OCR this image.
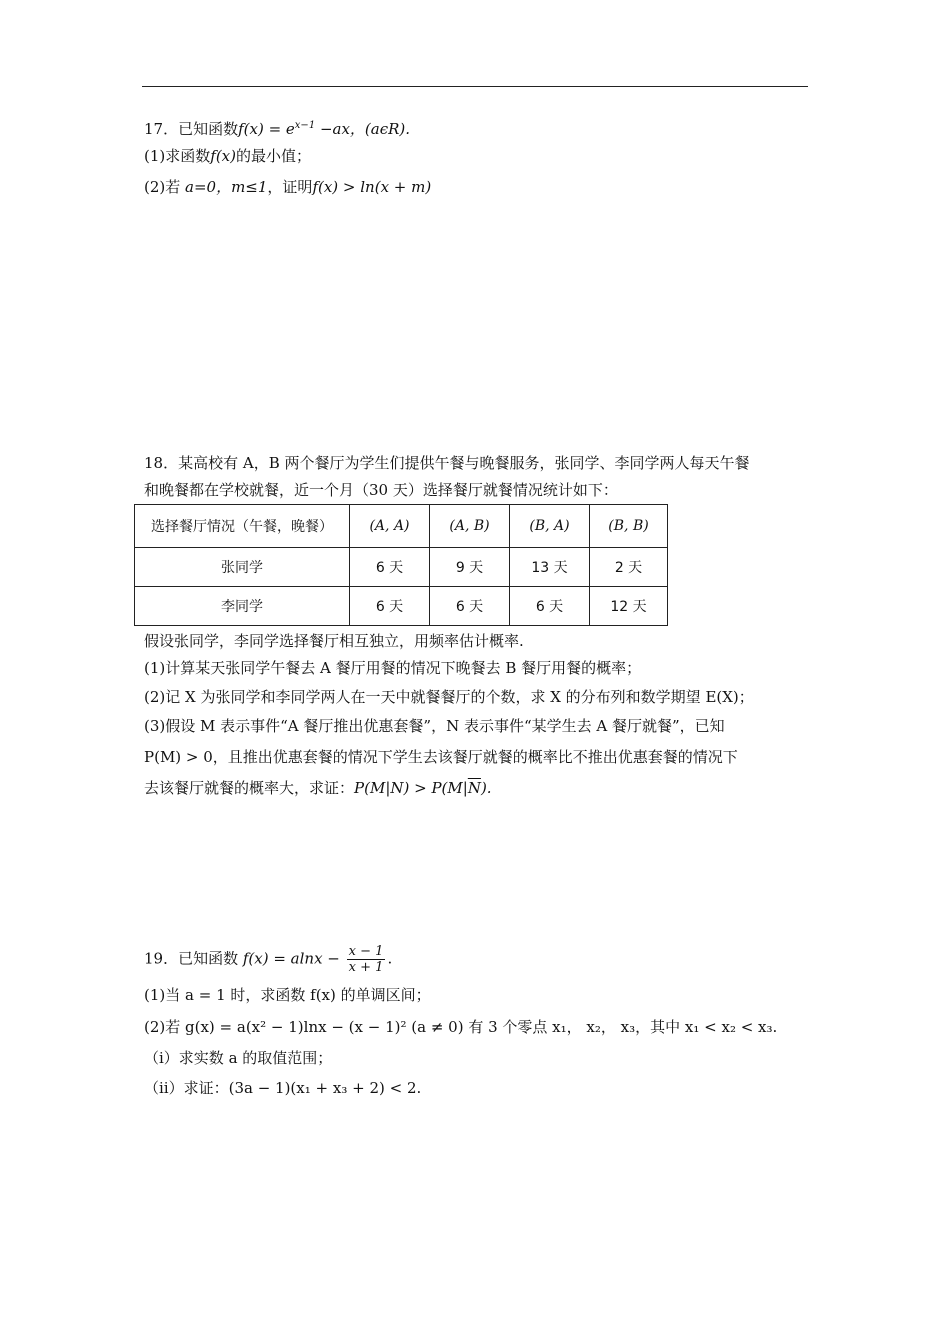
17．已知函数$f(x) = e^{x-1} -ax$，(aϵR).
(1)求函数f(x)的最小值；
(2)若 a=0，m≤1，证明f(x) > ln(x + m)
18．某高校有 A，B 两个餐厅为学生们提供午餐与晚餐服务，张同学、李同学两人每天午餐
和晚餐都在学校就餐，近一个月（30 天）选择餐厅就餐情况统计如下：
选择餐厅情况（午餐，晚餐）	(A, A)	(A, B)	(B, A)	(B, B)
张同学	6 天	9 天	13 天	2 天
李同学	6 天	6 天	6 天	12 天
假设张同学，李同学选择餐厅相互独立，用频率估计概率.
(1)计算某天张同学午餐去 A 餐厅用餐的情况下晚餐去 B 餐厅用餐的概率；
(2)记 X 为张同学和李同学两人在一天中就餐餐厅的个数，求 X 的分布列和数学期望 E(X)；
(3)假设 M 表示事件“A 餐厅推出优惠套餐”，N 表示事件“某学生去 A 餐厅就餐”，已知
P(M) > 0，且推出优惠套餐的情况下学生去该餐厅就餐的概率比不推出优惠套餐的情况下
去该餐厅就餐的概率大，求证：$P(M|N) > P(M|\overline{N})$.
19．已知函数 $f(x) = alnx - \frac{x - 1}{x + 1}$ .
(1)当 a = 1 时，求函数 f(x) 的单调区间；
(2)若 g(x) = a(x² − 1)lnx − (x − 1)² (a ≠ 0) 有 3 个零点 x₁， x₂， x₃，其中 x₁ < x₂ < x₃.
（ⅰ）求实数 a 的取值范围；
（ⅱ）求证：(3a − 1)(x₁ + x₃ + 2) < 2.
